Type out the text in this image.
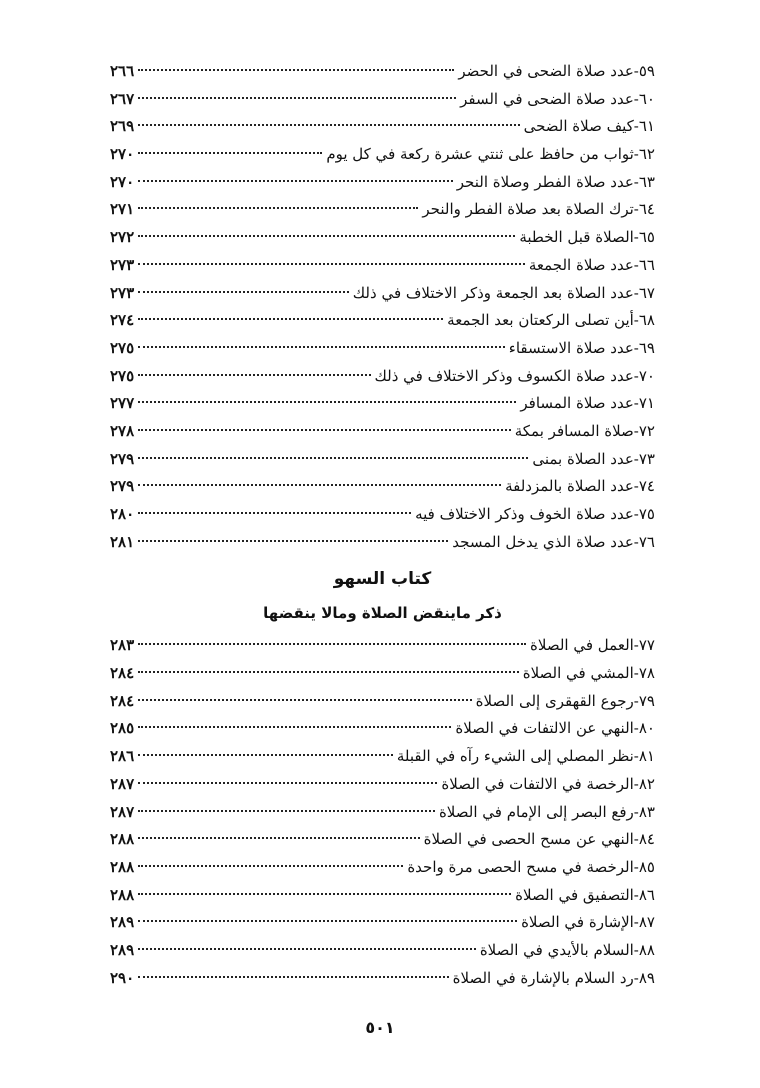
٥٩-عدد صلاة الضحى في الحضر
٢٦٦
٦٠-عدد صلاة الضحى في السفر
٢٦٧
٦١-كيف صلاة الضحى
٢٦٩
٦٢-ثواب من حافظ على ثنتي عشرة ركعة في كل يوم
٢٧٠
٦٣-عدد صلاة الفطر وصلاة النحر
٢٧٠
٦٤-ترك الصلاة بعد صلاة الفطر والنحر
٢٧١
٦٥-الصلاة قبل الخطبة
٢٧٢
٦٦-عدد صلاة الجمعة
٢٧٣
٦٧-عدد الصلاة بعد الجمعة وذكر الاختلاف في ذلك
٢٧٣
٦٨-أين تصلى الركعتان بعد الجمعة
٢٧٤
٦٩-عدد صلاة الاستسقاء
٢٧٥
٧٠-عدد صلاة الكسوف وذكر الاختلاف في ذلك
٢٧٥
٧١-عدد صلاة المسافر
٢٧٧
٧٢-صلاة المسافر بمكة
٢٧٨
٧٣-عدد الصلاة بمنى
٢٧٩
٧٤-عدد الصلاة بالمزدلفة
٢٧٩
٧٥-عدد صلاة الخوف وذكر الاختلاف فيه
٢٨٠
٧٦-عدد صلاة الذي يدخل المسجد
٢٨١
كتاب السهو
ذكر ماينقض الصلاة ومالا ينقضها
٧٧-العمل في الصلاة
٢٨٣
٧٨-المشي في الصلاة
٢٨٤
٧٩-رجوع القهقرى إلى الصلاة
٢٨٤
٨٠-النهي عن الالتفات في الصلاة
٢٨٥
٨١-نظر المصلي إلى الشيء رآه في القبلة
٢٨٦
٨٢-الرخصة في الالتفات في الصلاة
٢٨٧
٨٣-رفع البصر إلى الإمام في الصلاة
٢٨٧
٨٤-النهي عن مسح الحصى في الصلاة
٢٨٨
٨٥-الرخصة في مسح الحصى مرة واحدة
٢٨٨
٨٦-التصفيق في الصلاة
٢٨٨
٨٧-الإشارة في الصلاة
٢٨٩
٨٨-السلام بالأيدي في الصلاة
٢٨٩
٨٩-رد السلام بالإشارة في الصلاة
٢٩٠
٥٠١
